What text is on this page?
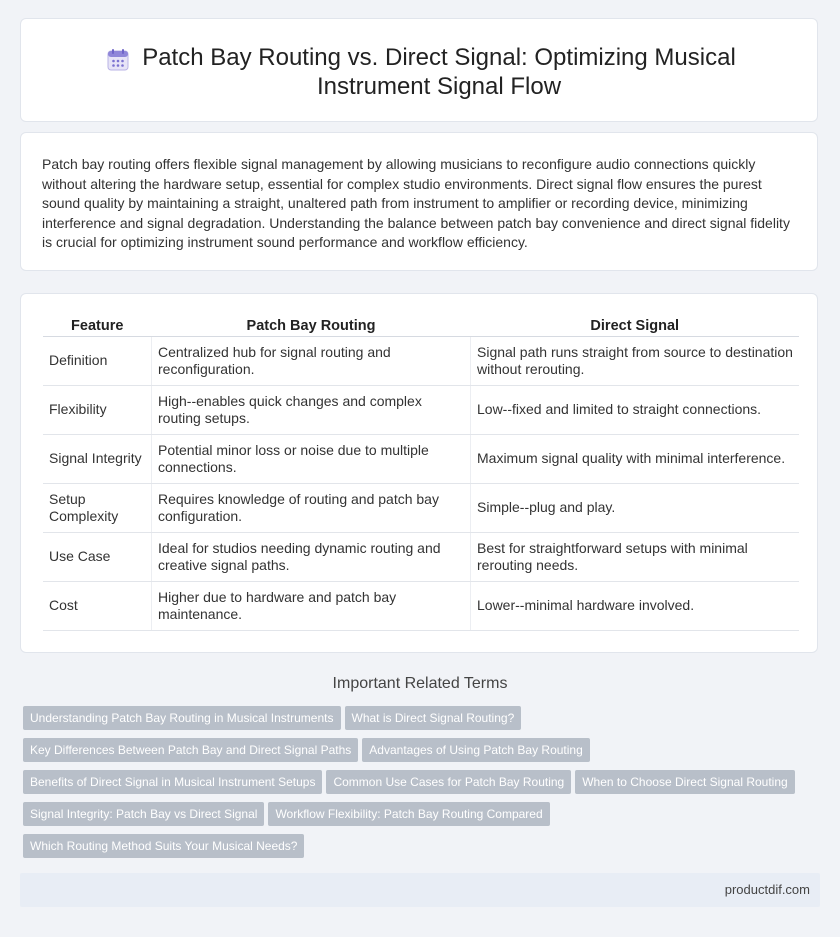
Patch Bay Routing vs. Direct Signal: Optimizing Musical Instrument Signal Flow

Patch bay routing offers flexible signal management by allowing musicians to reconfigure audio connections quickly without altering the hardware setup, essential for complex studio environments. Direct signal flow ensures the purest sound quality by maintaining a straight, unaltered path from instrument to amplifier or recording device, minimizing interference and signal degradation. Understanding the balance between patch bay convenience and direct signal fidelity is crucial for optimizing instrument sound performance and workflow efficiency.

Feature	Patch Bay Routing	Direct Signal
Definition	Centralized hub for signal routing and reconfiguration.	Signal path runs straight from source to destination without rerouting.
Flexibility	High--enables quick changes and complex routing setups.	Low--fixed and limited to straight connections.
Signal Integrity	Potential minor loss or noise due to multiple connections.	Maximum signal quality with minimal interference.
Setup Complexity	Requires knowledge of routing and patch bay configuration.	Simple--plug and play.
Use Case	Ideal for studios needing dynamic routing and creative signal paths.	Best for straightforward setups with minimal rerouting needs.
Cost	Higher due to hardware and patch bay maintenance.	Lower--minimal hardware involved.
Important Related Terms
Understanding Patch Bay Routing in Musical Instruments What is Direct Signal Routing?
Key Differences Between Patch Bay and Direct Signal Paths Advantages of Using Patch Bay Routing
Benefits of Direct Signal in Musical Instrument Setups Common Use Cases for Patch Bay Routing When to Choose Direct Signal Routing
Signal Integrity: Patch Bay vs Direct Signal Workflow Flexibility: Patch Bay Routing Compared
Which Routing Method Suits Your Musical Needs?
productdif.com
